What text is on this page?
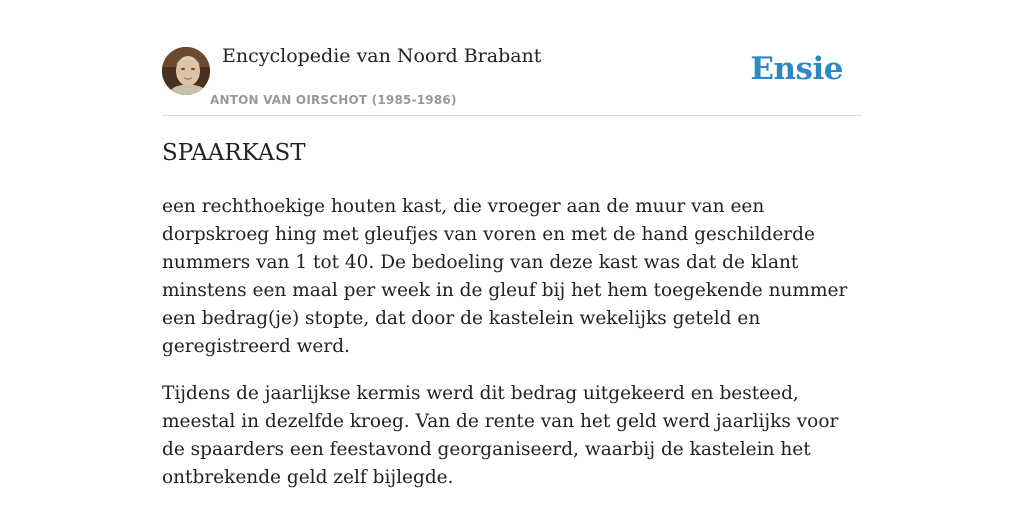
Encyclopedie van Noord Brabant
ANTON VAN OIRSCHOT (1985-1986)
Ensie
SPAARKAST

een rechthoekige houten kast, die vroeger aan de muur van een dorpskroeg hing met gleufjes van voren en met de hand geschilderde nummers van 1 tot 40. De bedoeling van deze kast was dat de klant minstens een maal per week in de gleuf bij het hem toegekende nummer een bedrag(je) stopte, dat door de kastelein wekelijks geteld en geregistreerd werd.

Tijdens de jaarlijkse kermis werd dit bedrag uitgekeerd en besteed, meestal in dezelfde kroeg. Van de rente van het geld werd jaarlijks voor de spaarders een feestavond georganiseerd, waarbij de kastelein het ontbrekende geld zelf bijlegde.
